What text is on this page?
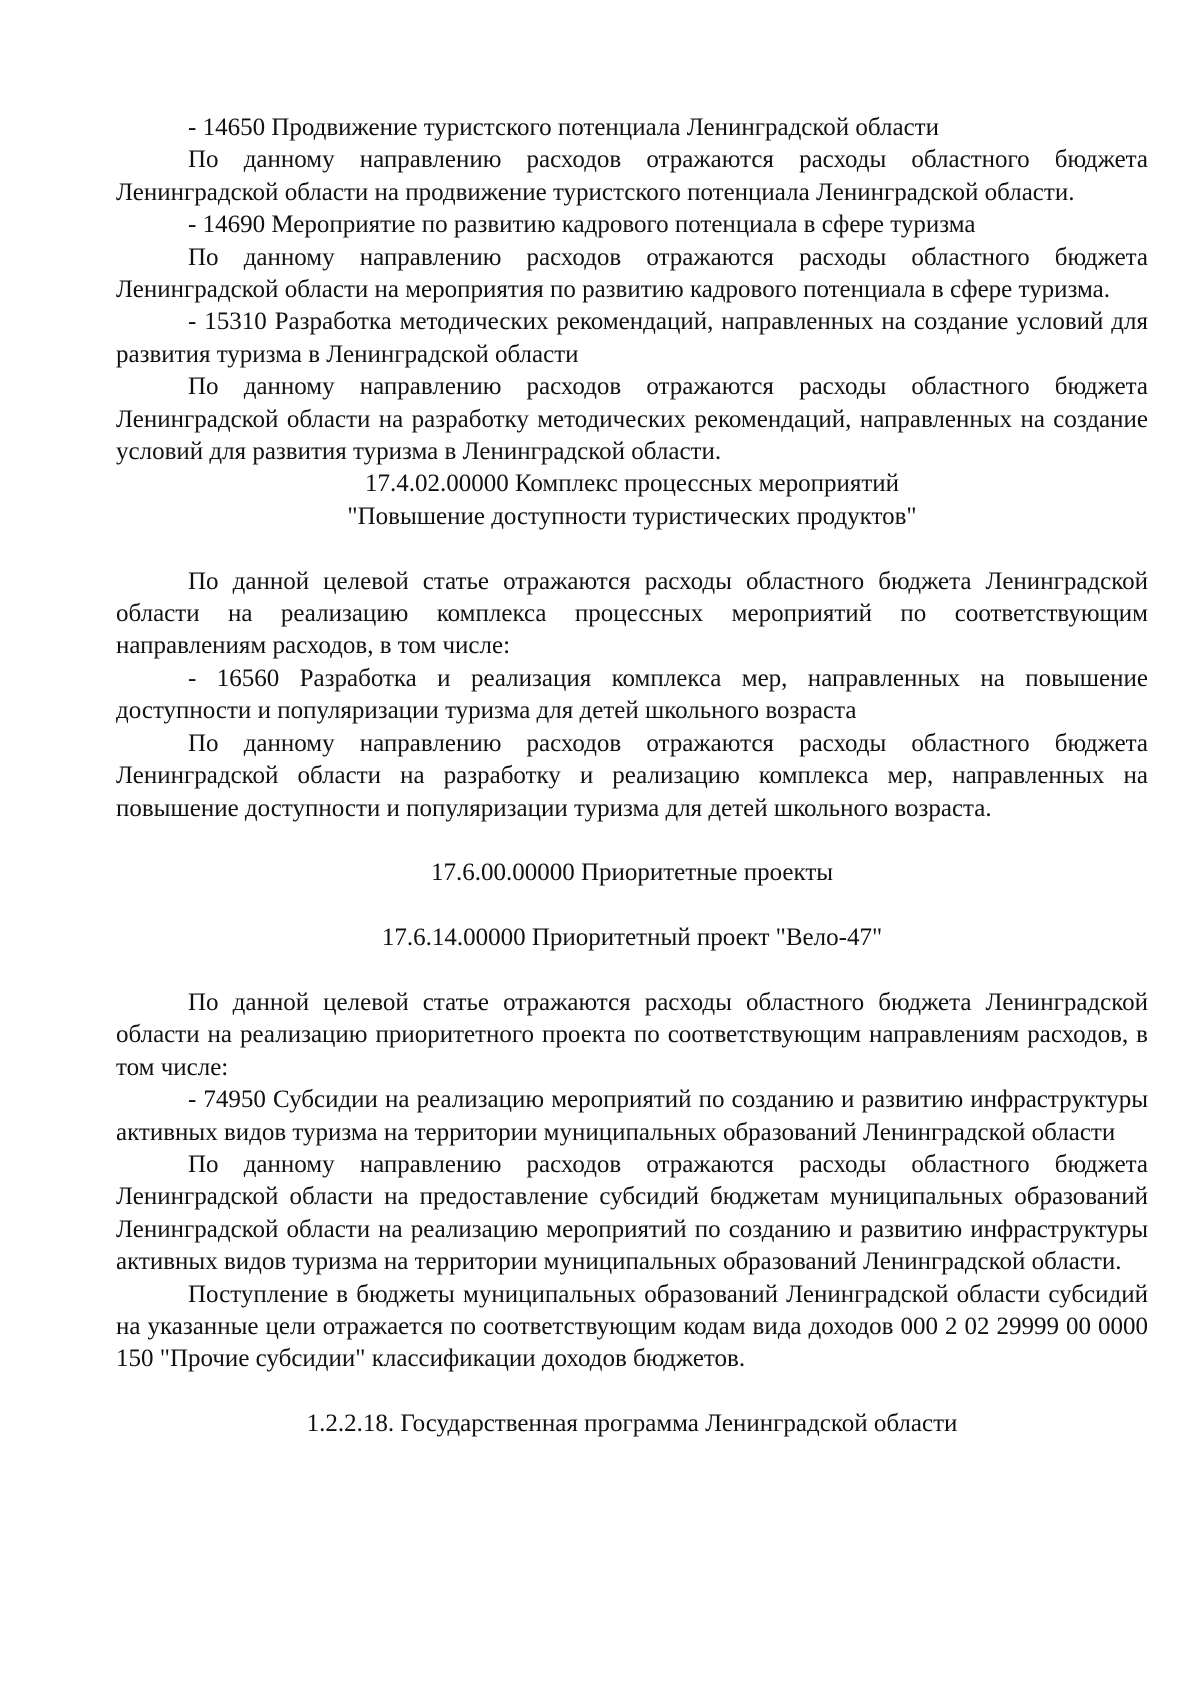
- 14650 Продвижение туристского потенциала Ленинградской области

По данному направлению расходов отражаются расходы областного бюджета Ленинградской области на продвижение туристского потенциала Ленинградской области.

- 14690 Мероприятие по развитию кадрового потенциала в сфере туризма

По данному направлению расходов отражаются расходы областного бюджета Ленинградской области на мероприятия по развитию кадрового потенциала в сфере туризма.

- 15310 Разработка методических рекомендаций, направленных на создание условий для развития туризма в Ленинградской области

По данному направлению расходов отражаются расходы областного бюджета Ленинградской области на разработку методических рекомендаций, направленных на создание условий для развития туризма в Ленинградской области.

17.4.02.00000 Комплекс процессных мероприятий

"Повышение доступности туристических продуктов"

По данной целевой статье отражаются расходы областного бюджета Ленинградской области на реализацию комплекса процессных мероприятий по соответствующим направлениям расходов, в том числе:

- 16560 Разработка и реализация комплекса мер, направленных на повышение доступности и популяризации туризма для детей школьного возраста

По данному направлению расходов отражаются расходы областного бюджета Ленинградской области на разработку и реализацию комплекса мер, направленных на повышение доступности и популяризации туризма для детей школьного возраста.

17.6.00.00000 Приоритетные проекты

17.6.14.00000 Приоритетный проект "Вело-47"

По данной целевой статье отражаются расходы областного бюджета Ленинградской области на реализацию приоритетного проекта по соответствующим направлениям расходов, в том числе:

- 74950 Субсидии на реализацию мероприятий по созданию и развитию инфраструктуры активных видов туризма на территории муниципальных образований Ленинградской области

По данному направлению расходов отражаются расходы областного бюджета Ленинградской области на предоставление субсидий бюджетам муниципальных образований Ленинградской области на реализацию мероприятий по созданию и развитию инфраструктуры активных видов туризма на территории муниципальных образований Ленинградской области.

Поступление в бюджеты муниципальных образований Ленинградской области субсидий на указанные цели отражается по соответствующим кодам вида доходов 000 2 02 29999 00 0000 150 "Прочие субсидии" классификации доходов бюджетов.

1.2.2.18. Государственная программа Ленинградской области
